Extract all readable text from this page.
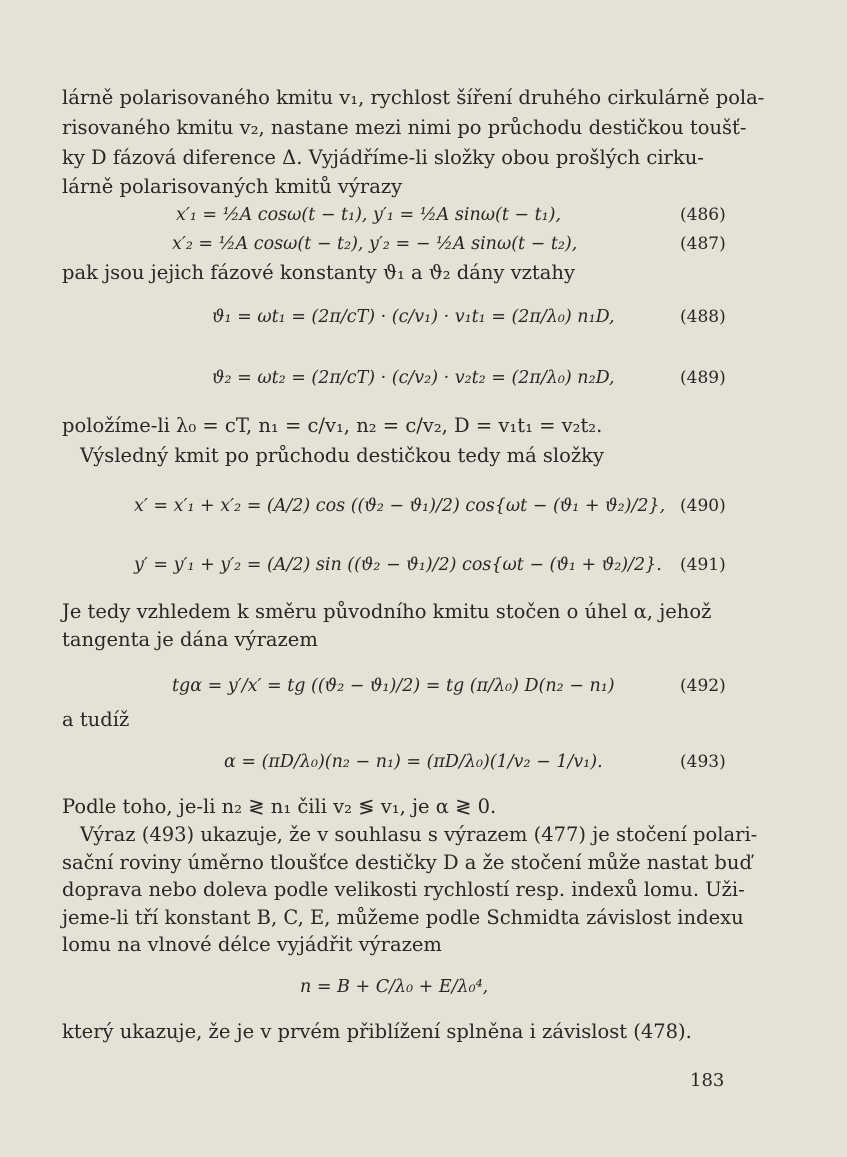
lárně polarisovaného kmitu v₁, rychlost šíření druhého cirkulárně pola-
risovaného kmitu v₂, nastane mezi nimi po průchodu destičkou toušť-
ky D fázová diference Δ. Vyjádříme-li složky obou prošlých cirku-
lárně polarisovaných kmitů výrazy
x′₁ = ½A cosω(t − t₁), y′₁ = ½A sinω(t − t₁),	(486)
x′₂ = ½A cosω(t − t₂), y′₂ = − ½A sinω(t − t₂),	(487)
pak jsou jejich fázové konstanty ϑ₁ a ϑ₂ dány vztahy
ϑ₁ = ωt₁ = (2π/cT) · (c/v₁) · v₁t₁ = (2π/λ₀) n₁D,	(488)
ϑ₂ = ωt₂ = (2π/cT) · (c/v₂) · v₂t₂ = (2π/λ₀) n₂D,	(489)
položíme-li λ₀ = cT, n₁ = c/v₁, n₂ = c/v₂, D = v₁t₁ = v₂t₂.
Výsledný kmit po průchodu destičkou tedy má složky
x′ = x′₁ + x′₂ = (A/2) cos ((ϑ₂ − ϑ₁)/2) cos{ωt − (ϑ₁ + ϑ₂)/2}, (490)
y′ = y′₁ + y′₂ = (A/2) sin ((ϑ₂ − ϑ₁)/2) cos{ωt − (ϑ₁ + ϑ₂)/2}. (491)
Je tedy vzhledem k směru původního kmitu stočen o úhel α, jehož
tangenta je dána výrazem
tgα = y′/x′ = tg ((ϑ₂ − ϑ₁)/2) = tg (π/λ₀) D(n₂ − n₁)	(492)
a tudíž
α = (πD/λ₀)(n₂ − n₁) = (πD/λ₀)(1/v₂ − 1/v₁).	(493)
Podle toho, je-li n₂ ≷ n₁ čili v₂ ≶ v₁, je α ≷ 0.
Výraz (493) ukazuje, že v souhlasu s výrazem (477) je stočení polari-
sační roviny úměrno tloušťce destičky D a že stočení může nastat buď
doprava nebo doleva podle velikosti rychlostí resp. indexů lomu. Uži-
jeme-li tří konstant B, C, E, můžeme podle Schmidta závislost indexu
lomu na vlnové délce vyjádřit výrazem
n = B + C/λ₀ + E/λ₀⁴,
který ukazuje, že je v prvém přiblížení splněna i závislost (478).
183
